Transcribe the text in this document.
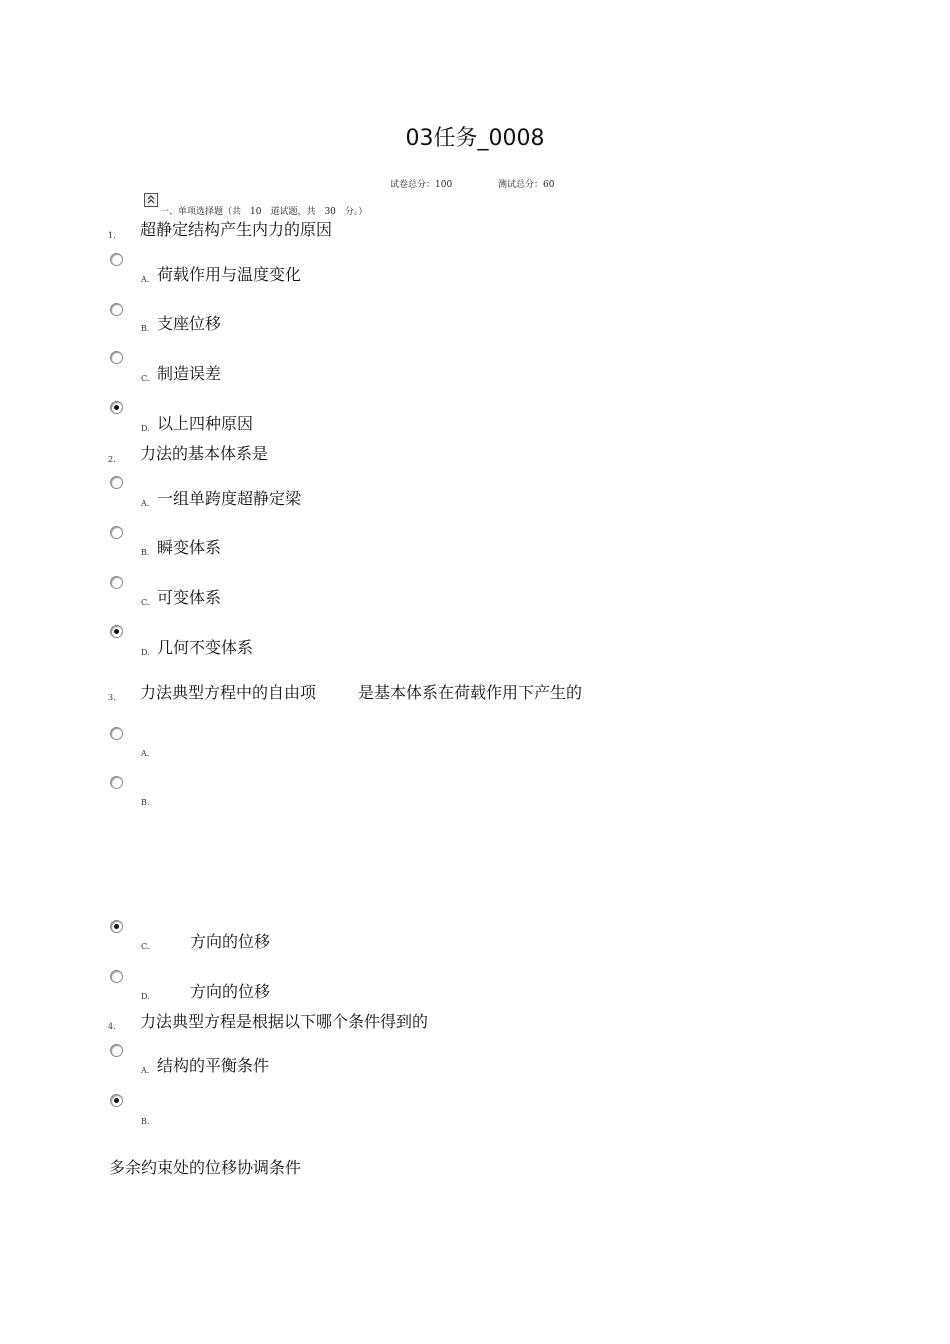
03任务_0008
试卷总分：100	测试总分：60
一、单项选择题（共　10　道试题，共　30　分。）
1. 超静定结构产生内力的原因
A. 荷载作用与温度变化
B. 支座位移
C. 制造误差
D. 以上四种原因
2. 力法的基本体系是
A. 一组单跨度超静定梁
B. 瞬变体系
C. 可变体系
D. 几何不变体系
3. 力法典型方程中的自由项	是基本体系在荷载作用下产生的
A.
B.
C.	方向的位移
D.	方向的位移
4. 力法典型方程是根据以下哪个条件得到的
A. 结构的平衡条件
B.
多余约束处的位移协调条件
